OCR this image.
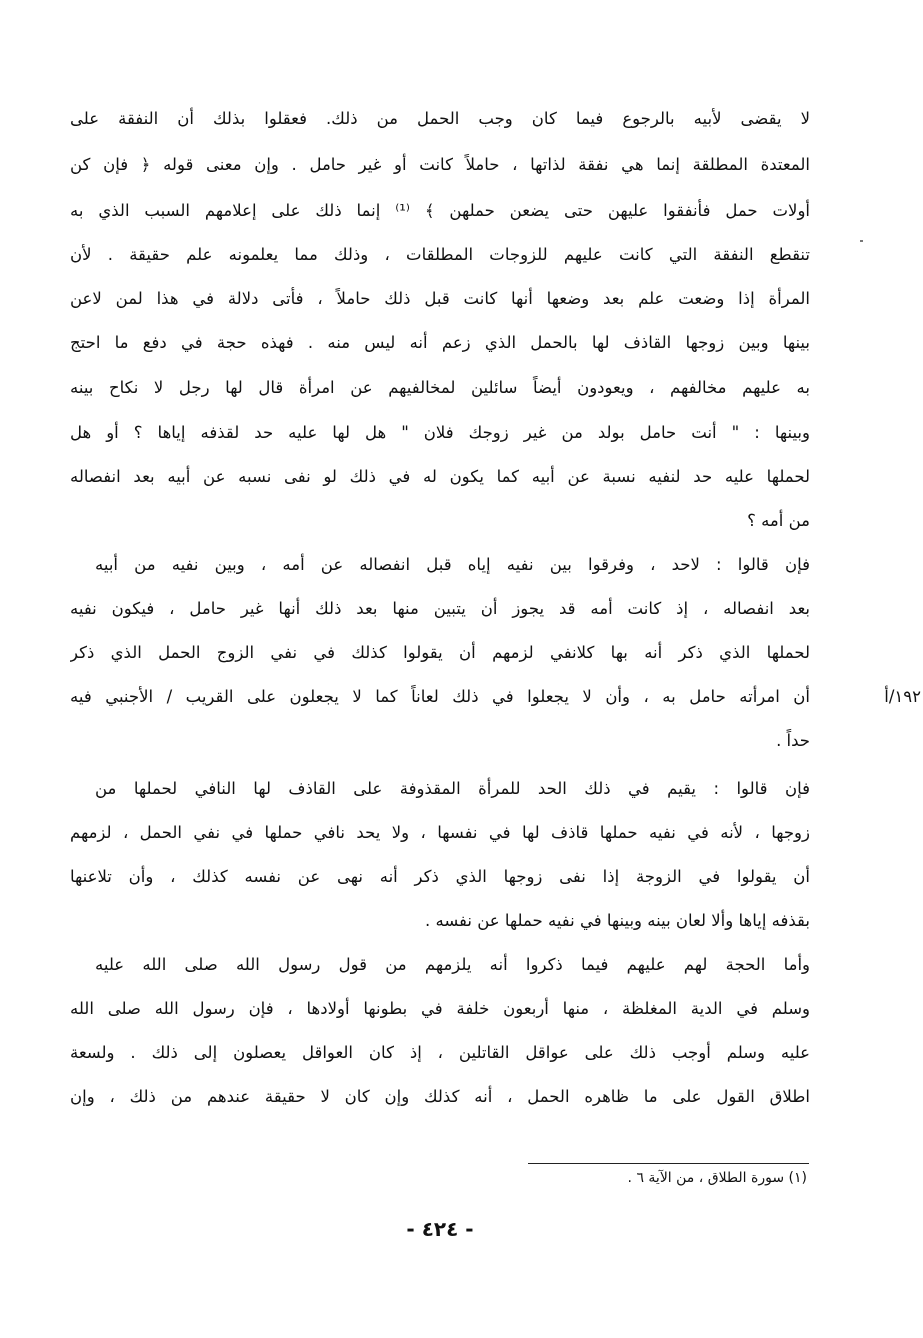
لا يقضى لأبيه بالرجوع فيما كان وجب الحمل من ذلك. فعقلوا بذلك أن النفقة على
المعتدة المطلقة إنما هي نفقة لذاتها ، حاملاً كانت أو غير حامل . وإن معنى قوله ﴿ فإن كن
أولات حمل فأنفقوا عليهن حتى يضعن حملهن ﴾ ⁽¹⁾ إنما ذلك على إعلامهم السبب الذي به
تنقطع النفقة التي كانت عليهم للزوجات المطلقات ، وذلك مما يعلمونه علم حقيقة . لأن
المرأة إذا وضعت علم بعد وضعها أنها كانت قبل ذلك حاملاً ، فأتى دلالة في هذا لمن لاعن
بينها وبين زوجها القاذف لها بالحمل الذي زعم أنه ليس منه . فهذه حجة في دفع ما احتج
به عليهم مخالفهم ، ويعودون أيضاً سائلين لمخالفيهم عن امرأة قال لها رجل لا نكاح بينه
وبينها : " أنت حامل بولد من غير زوجك فلان " هل لها عليه حد لقذفه إياها ؟ أو هل
لحملها عليه حد لنفيه نسبة عن أبيه كما يكون له في ذلك لو نفى نسبه عن أبيه بعد انفصاله
من أمه ؟
فإن قالوا : لاحد ، وفرقوا بين نفيه إياه قبل انفصاله عن أمه ، وبين نفيه من أبيه
بعد انفصاله ، إذ كانت أمه قد يجوز أن يتبين منها بعد ذلك أنها غير حامل ، فيكون نفيه
لحملها الذي ذكر أنه بها كلانفي لزمهم أن يقولوا كذلك في نفي الزوج الحمل الذي ذكر
أن امرأته حامل به ، وأن لا يجعلوا في ذلك لعاناً كما لا يجعلون على القريب / الأجنبي فيه
حداً .
فإن قالوا : يقيم في ذلك الحد للمرأة المقذوفة على القاذف لها النافي لحملها من
زوجها ، لأنه في نفيه حملها قاذف لها في نفسها ، ولا يحد نافي حملها في نفي الحمل ، لزمهم
أن يقولوا في الزوجة إذا نفى زوجها الذي ذكر أنه نهى عن نفسه كذلك ، وأن تلاعنها
بقذفه إياها وألا لعان بينه وبينها في نفيه حملها عن نفسه .
وأما الحجة لهم عليهم فيما ذكروا أنه يلزمهم من قول رسول الله صلى الله عليه
وسلم في الدية المغلظة ، منها أربعون خلفة في بطونها أولادها ، فإن رسول الله صلى الله
عليه وسلم أوجب ذلك على عواقل القاتلين ، إذ كان العواقل يعصلون إلى ذلك . ولسعة
اطلاق القول على ما ظاهره الحمل ، أنه كذلك وإن كان لا حقيقة عندهم من ذلك ، وإن
١٩٢/أ
(١) سورة الطلاق ، من الآية ٦ .
- ٤٢٤ -
